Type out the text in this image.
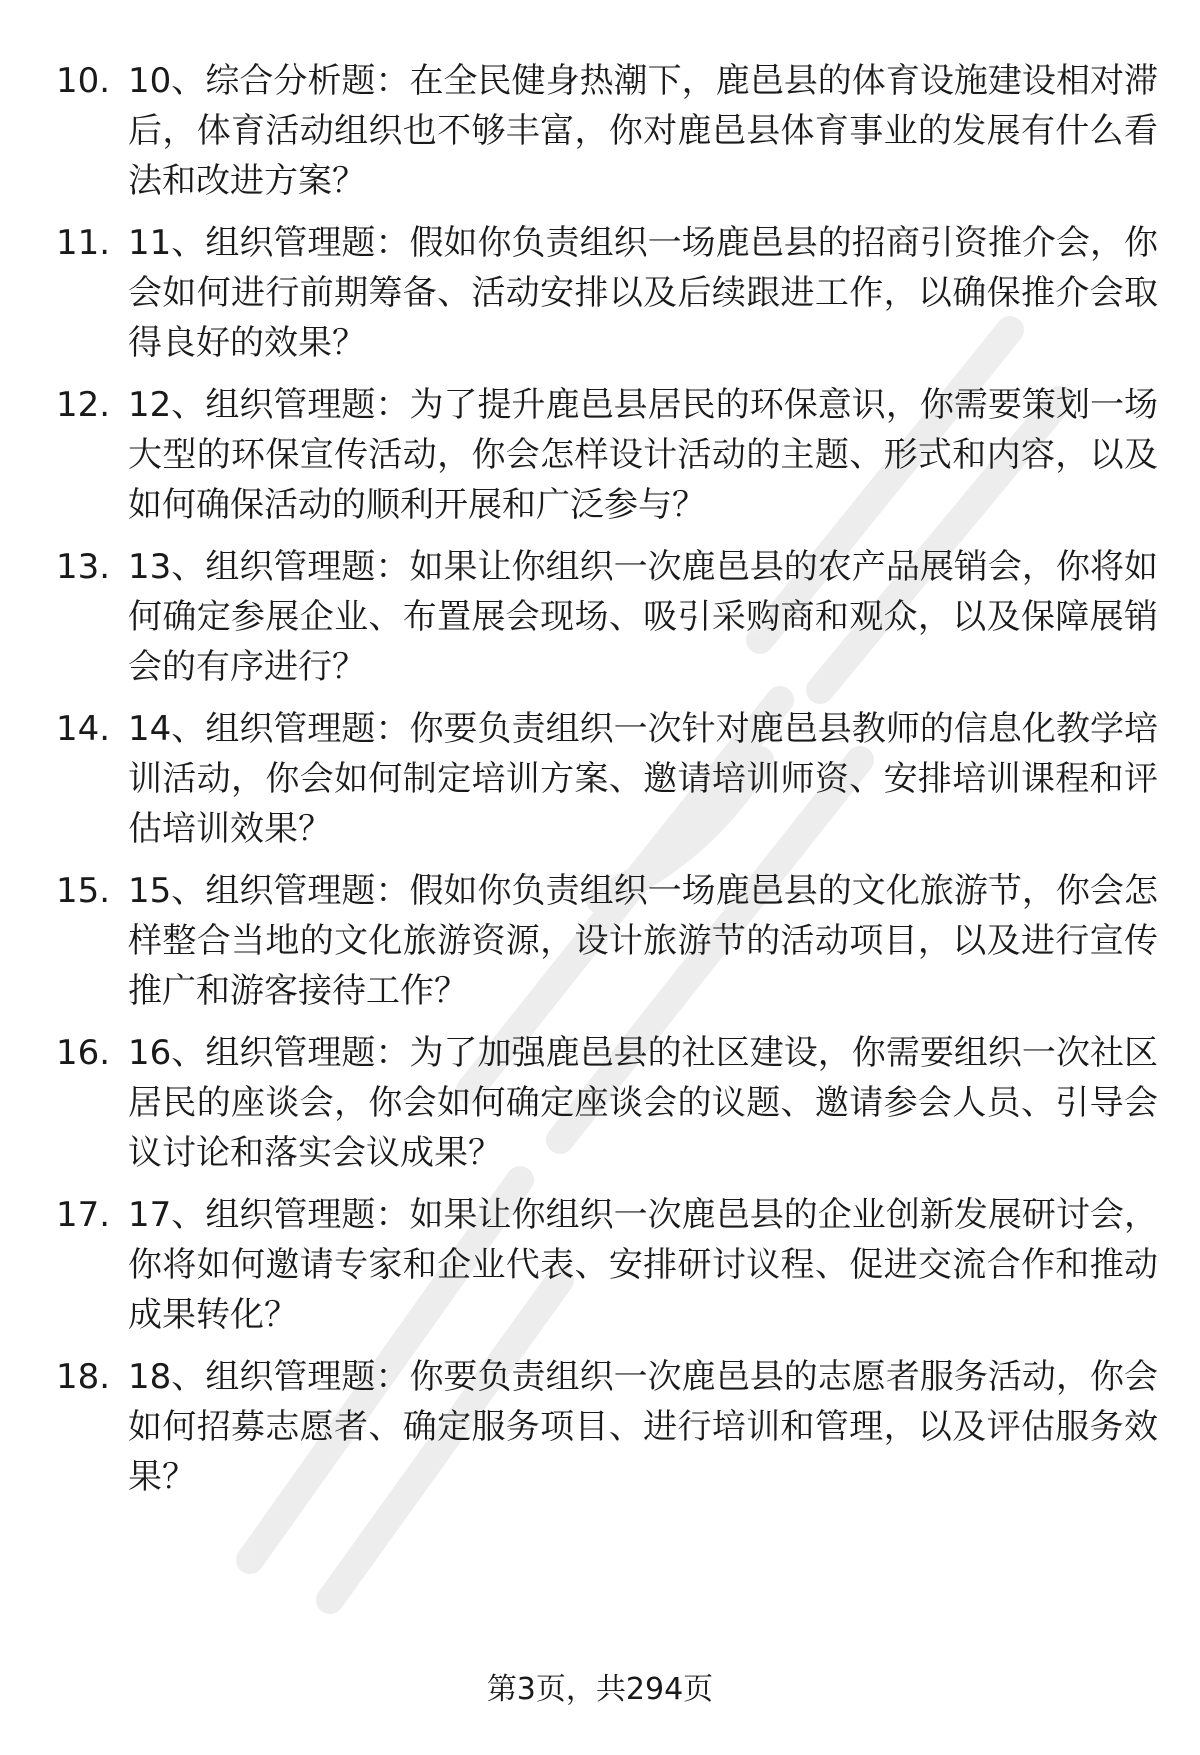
10. 10、综合分析题：在全民健身热潮下，鹿邑县的体育设施建设相对滞后，体育活动组织也不够丰富，你对鹿邑县体育事业的发展有什么看法和改进方案？
11. 11、组织管理题：假如你负责组织一场鹿邑县的招商引资推介会，你会如何进行前期筹备、活动安排以及后续跟进工作，以确保推介会取得良好的效果？
12. 12、组织管理题：为了提升鹿邑县居民的环保意识，你需要策划一场大型的环保宣传活动，你会怎样设计活动的主题、形式和内容，以及如何确保活动的顺利开展和广泛参与？
13. 13、组织管理题：如果让你组织一次鹿邑县的农产品展销会，你将如何确定参展企业、布置展会现场、吸引采购商和观众，以及保障展销会的有序进行？
14. 14、组织管理题：你要负责组织一次针对鹿邑县教师的信息化教学培训活动，你会如何制定培训方案、邀请培训师资、安排培训课程和评估培训效果？
15. 15、组织管理题：假如你负责组织一场鹿邑县的文化旅游节，你会怎样整合当地的文化旅游资源，设计旅游节的活动项目，以及进行宣传推广和游客接待工作？
16. 16、组织管理题：为了加强鹿邑县的社区建设，你需要组织一次社区居民的座谈会，你会如何确定座谈会的议题、邀请参会人员、引导会议讨论和落实会议成果？
17. 17、组织管理题：如果让你组织一次鹿邑县的企业创新发展研讨会，你将如何邀请专家和企业代表、安排研讨议程、促进交流合作和推动成果转化？
18. 18、组织管理题：你要负责组织一次鹿邑县的志愿者服务活动，你会如何招募志愿者、确定服务项目、进行培训和管理，以及评估服务效果？
第3页，共294页
